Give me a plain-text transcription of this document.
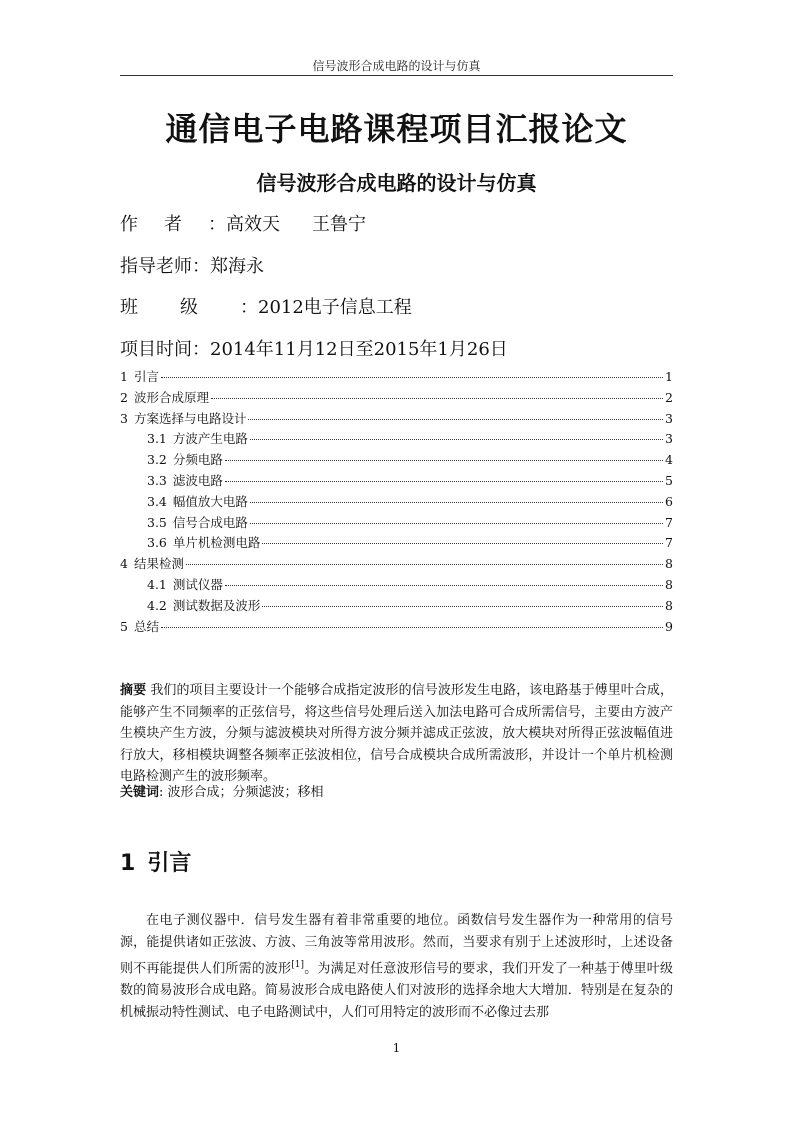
信号波形合成电路的设计与仿真
通信电子电路课程项目汇报论文
信号波形合成电路的设计与仿真
作者：高效天 王鲁宁
指导老师：郑海永
班级：2012电子信息工程
项目时间：2014年11月12日至2015年1月26日
1 引言	1
2 波形合成原理	2
3 方案选择与电路设计	3
3.1 方波产生电路	3
3.2 分频电路	4
3.3 滤波电路	5
3.4 幅值放大电路	6
3.5 信号合成电路	7
3.6 单片机检测电路	7
4 结果检测	8
4.1 测试仪器	8
4.2 测试数据及波形	8
5 总结	9
摘要 我们的项目主要设计一个能够合成指定波形的信号波形发生电路，该电路基于傅里叶合成，能够产生不同频率的正弦信号，将这些信号处理后送入加法电路可合成所需信号，主要由方波产生模块产生方波，分频与滤波模块对所得方波分频并滤成正弦波，放大模块对所得正弦波幅值进行放大，移相模块调整各频率正弦波相位，信号合成模块合成所需波形，并设计一个单片机检测电路检测产生的波形频率。
关键词: 波形合成；分频滤波；移相
1 引言
在电子测仪器中．信号发生器有着非常重要的地位。函数信号发生器作为一种常用的信号源，能提供诸如正弦波、方波、三角波等常用波形。然而，当要求有别于上述波形时，上述设备则不再能提供人们所需的波形[1]。为满足对任意波形信号的要求，我们开发了一种基于傅里叶级数的简易波形合成电路。简易波形合成电路使人们对波形的选择余地大大增加．特别是在复杂的机械振动特性测试、电子电路测试中，人们可用特定的波形而不必像过去那
1
